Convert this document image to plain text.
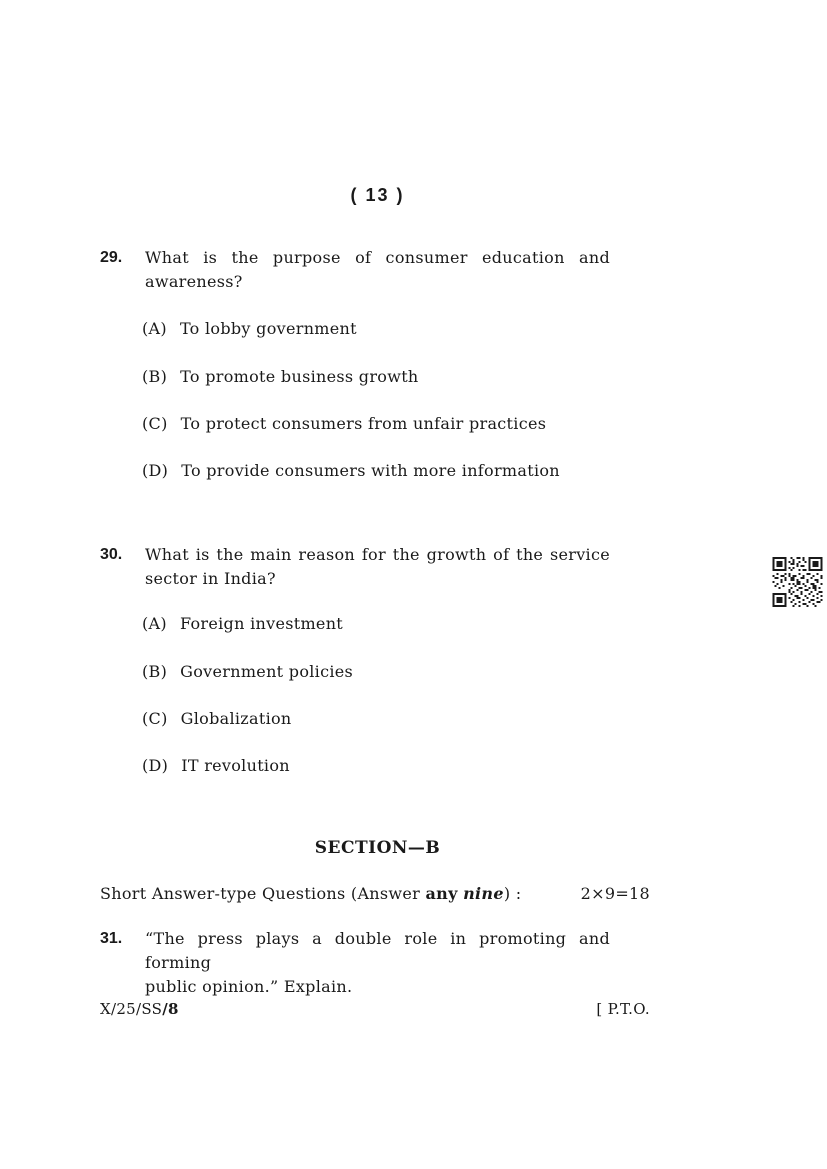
( 13 )
29. What is the purpose of consumer education and
awareness?
(A) To lobby government
(B) To promote business growth
(C) To protect consumers from unfair practices
(D) To provide consumers with more information
30. What is the main reason for the growth of the service
sector in India?
(A) Foreign investment
(B) Government policies
(C) Globalization
(D) IT revolution
SECTION—B
Short Answer-type Questions (Answer any nine) :	2×9=18
31. “The press plays a double role in promoting and forming
public opinion.” Explain.
X/25/SS/8	[ P.T.O.
